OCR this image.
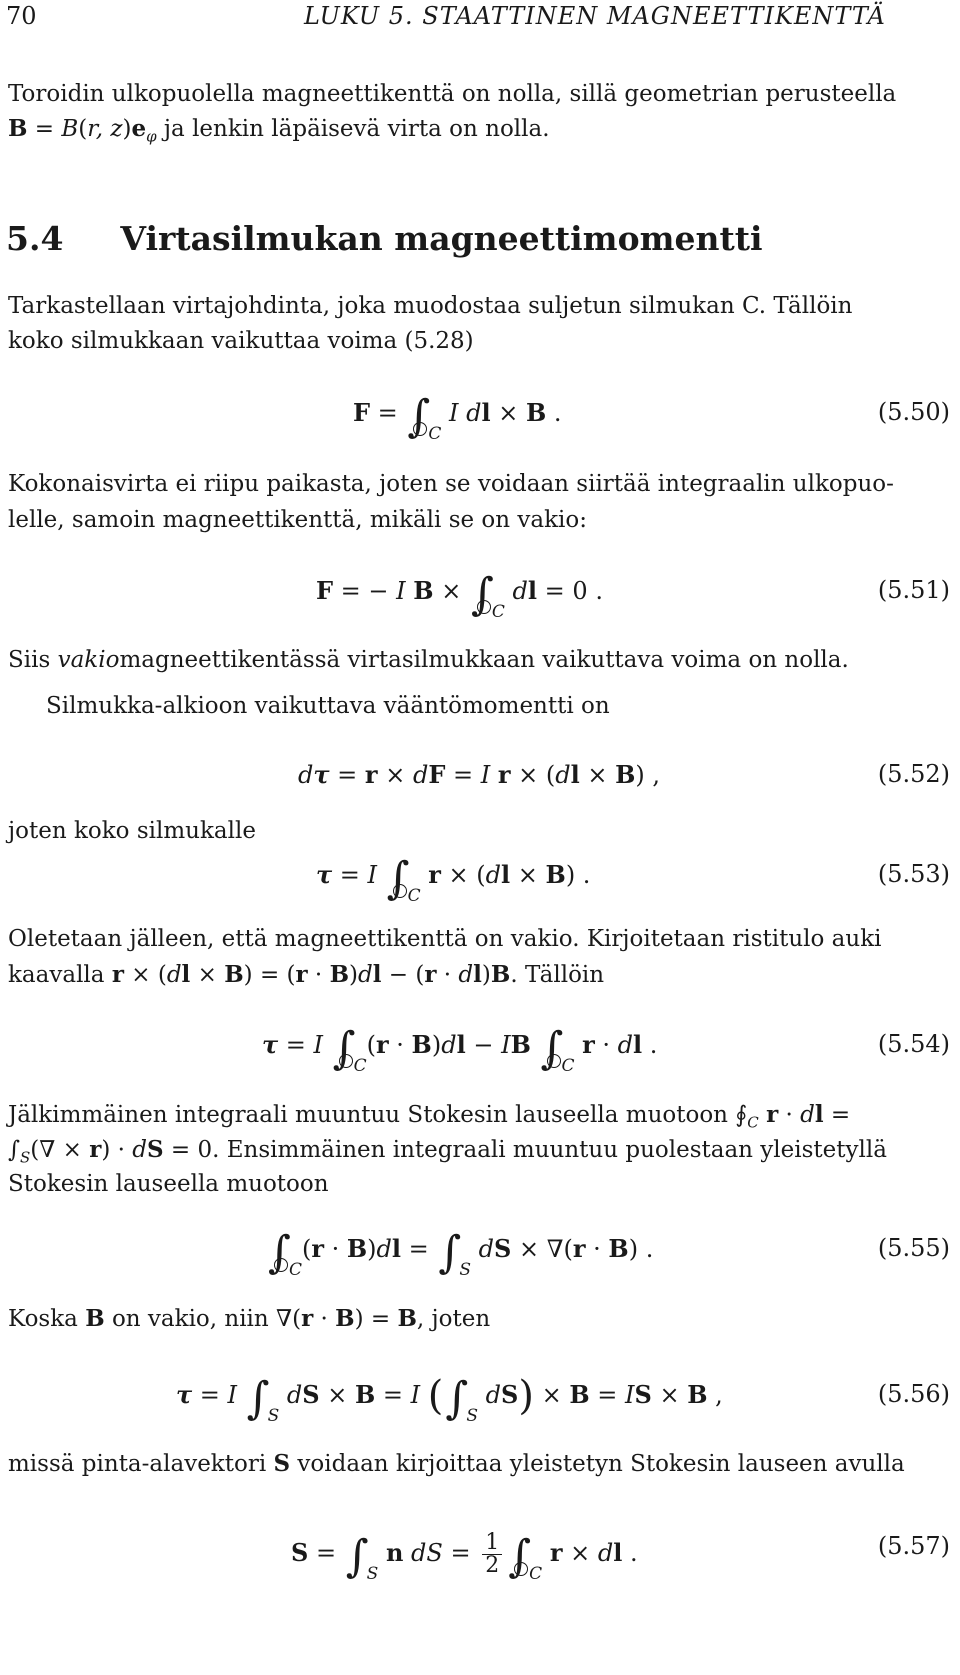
70	LUKU 5. STAATTINEN MAGNEETTIKENTTÄ
Toroidin ulkopuolella magneettikenttä on nolla, sillä geometrian perusteella
B = B(r, $z)e_\varphi$ ja lenkin läpäisevä virta on nolla.
5.4 Virtasilmukan magneettimomentti
Tarkastellaan virtajohdinta, joka muodostaa suljetun silmukan C. Tällöin
koko silmukkaan vaikuttaa voima (5.28)
$F = \int_C$ I dl × B .	(5.50)
Kokonaisvirta ei riipu paikasta, joten se voidaan siirtää integraalin ulkopuo-
lelle, samoin magneettikenttä, mikäli se on vakio:
F = − I $B \times \int_C$ dl = 0 .	(5.51)
Siis vakiomagneettikentässä virtasilmukkaan vaikuttava voima on nolla.
Silmukka-alkioon vaikuttava vääntömomentti on
dτ = r × dF = I r × (dl × B) ,	(5.52)
joten koko silmukalle
τ = I $\int_C$ r × (dl × B) .	(5.53)
Oletetaan jälleen, että magneettikenttä on vakio. Kirjoitetaan ristitulo auki
kaavalla r × (dl × B) = (r · B)dl − (r · dl)B. Tällöin
τ = I $\int_C(r \cdot B)dl$ − IB $\int_C$ r · dl .	(5.54)
Jälkimmäinen integraali muuntuu Stokesin lauseella muotoon $∮_C$ r · dl =
$\int_S(\nabla \times r)$ · dS = 0. Ensimmäinen integraali muuntuu puolestaan yleistetyllä
Stokesin lauseella muotoon
$\int_C(r \cdot B)dl = \int_S$ dS × ∇(r · B) .	(5.55)
Koska B on vakio, niin ∇(r · B) = B, joten
τ = I $\int_S$ dS × B = I ($\int_S$ dS) × B = IS × B ,	(5.56)
missä pinta-alavektori S voidaan kirjoittaa yleistetyn Stokesin lauseen avulla
$S = \int_S$ n dS = $\frac{1}{2} \int_C$ r × dl .	(5.57)
